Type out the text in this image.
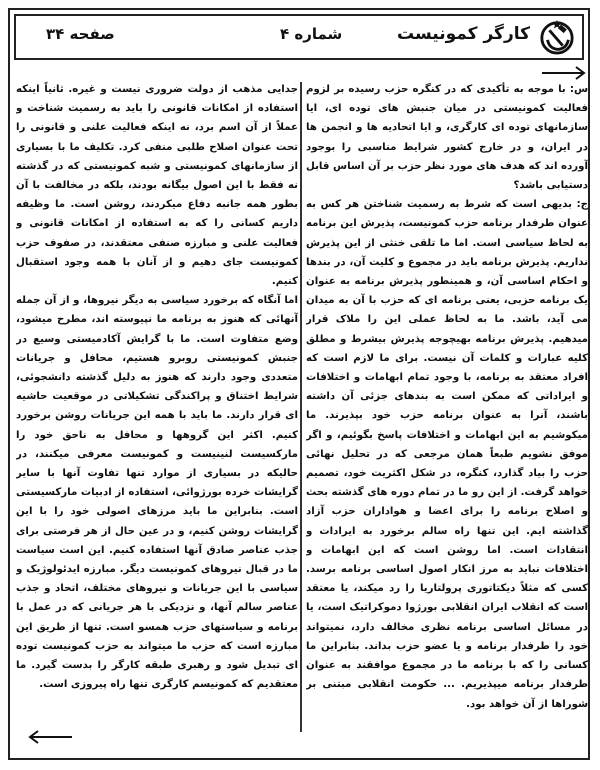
کارگر کمونیست
شماره ۴
صفحه ۳۴

س: با موجه به تأکیدی که در کنگره حزب رسیده بر لزوم فعالیت کمونیستی در میان جنبش های توده ای، ایا سازمانهای توده ای کارگری، و ایا اتحادیه ها و انجمن ها در ایران، و در خارج کشور شرایط مناسبی را بوجود آورده اند که هدف های مورد نظر حزب بر آن اساس قابل دستیابی باشد؟

ج: بدیهی است که شرط به رسمیت شناختن هر کس به عنوان طرفدار برنامه حزب کمونیست، پذیرش این برنامه به لحاظ سیاسی است. اما ما تلقی خنثی از این پذیرش نداریم. پذیرش برنامه باید در مجموع و کلیت آن، در بندها و احکام اساسی آن، و همینطور پذیرش برنامه به عنوان یک برنامه حزبی، یعنی برنامه ای که حزب با آن به میدان می آید، باشد. ما به لحاظ عملی این را ملاک قرار میدهیم. پذیرش برنامه بهیچوجه پذیرش بیشرط و مطلق کلیه عبارات و کلمات آن نیست. برای ما لازم است که افراد معتقد به برنامه، با وجود تمام ابهامات و اختلافات و ایراداتی که ممکن است به بندهای جزئی آن داشته باشند، آنرا به عنوان برنامه حزب خود بپذیرند. ما میکوشیم به این ابهامات و اختلافات پاسخ بگوئیم، و اگر موفق نشویم طبعاً همان مرجعی که در تحلیل نهائی حزب را بیاد گذارد، کنگره، در شکل اکثریت خود، تصمیم خواهد گرفت. از این رو ما در تمام دوره های گذشته بحث و اصلاح برنامه را برای اعضا و هواداران حزب آزاد گذاشته ایم. این تنها راه سالم برخورد به ایرادات و انتقادات است. اما روشن است که این ابهامات و اختلافات نباید به مرز انکار اصول اساسی برنامه برسد. کسی که مثلاً دیکتاتوری پرولتاریا را رد میکند، یا معتقد است که انقلاب ایران انقلابی بورژوا دموکراتیک است، یا در مسائل اساسی برنامه نظری مخالف دارد، نمیتواند خود را طرفدار برنامه و یا عضو حزب بداند. بنابراین ما کسانی را که با برنامه ما در مجموع موافقند به عنوان طرفدار برنامه میپذیریم. ... حکومت انقلابی مبتنی بر شوراها از آن خواهد بود.

جدایی مذهب از دولت ضروری نیست و غیره. ثانیاً اینکه استفاده از امکانات قانونی را باید به رسمیت شناخت و عملاً از آن اسم برد، نه اینکه فعالیت علنی و قانونی را تحت عنوان اصلاح طلبی منفی کرد. تکلیف ما با بسیاری از سازمانهای کمونیستی و شبه کمونیستی که در گذشته نه فقط با این اصول بیگانه بودند، بلکه در مخالفت با آن بطور همه جانبه دفاع میکردند، روشن است. ما وظیفه داریم کسانی را که به استفاده از امکانات قانونی و فعالیت علنی و مبارزه صنفی معتقدند، در صفوف حزب کمونیست جای دهیم و از آنان با همه وجود استقبال کنیم.

اما آنگاه که برخورد سیاسی به دیگر نیروها، و از آن جمله آنهائی که هنوز به برنامه ما نپیوسته اند، مطرح میشود، وضع متفاوت است. ما با گرایش آکادمیستی وسیع در جنبش کمونیستی روبرو هستیم، محافل و جریانات متعددی وجود دارند که هنوز به دلیل گذشته دانشجوئی، شرایط اختناق و پراکندگی تشکیلاتی در موقعیت حاشیه ای قرار دارند. ما باید با همه این جریانات روشن برخورد کنیم. اکثر این گروهها و محافل به ناحق خود را مارکسیست لنینیست و کمونیست معرفی میکنند، در حالیکه در بسیاری از موارد تنها تفاوت آنها با سایر گرایشات خرده بورژوائی، استفاده از ادبیات مارکسیستی است. بنابراین ما باید مرزهای اصولی خود را با این گرایشات روشن کنیم، و در عین حال از هر فرصتی برای جذب عناصر صادق آنها استفاده کنیم. این است سیاست ما در قبال نیروهای کمونیست دیگر. مبارزه ایدئولوژیک و سیاسی با این جریانات و نیروهای مختلف، اتحاد و جذب عناصر سالم آنها، و نزدیکی با هر جریانی که در عمل با برنامه و سیاستهای حزب همسو است. تنها از طریق این مبارزه است که حزب ما میتواند به حزب کمونیست توده ای تبدیل شود و رهبری طبقه کارگر را بدست گیرد. ما معتقدیم که کمونیسم کارگری تنها راه پیروزی است.
